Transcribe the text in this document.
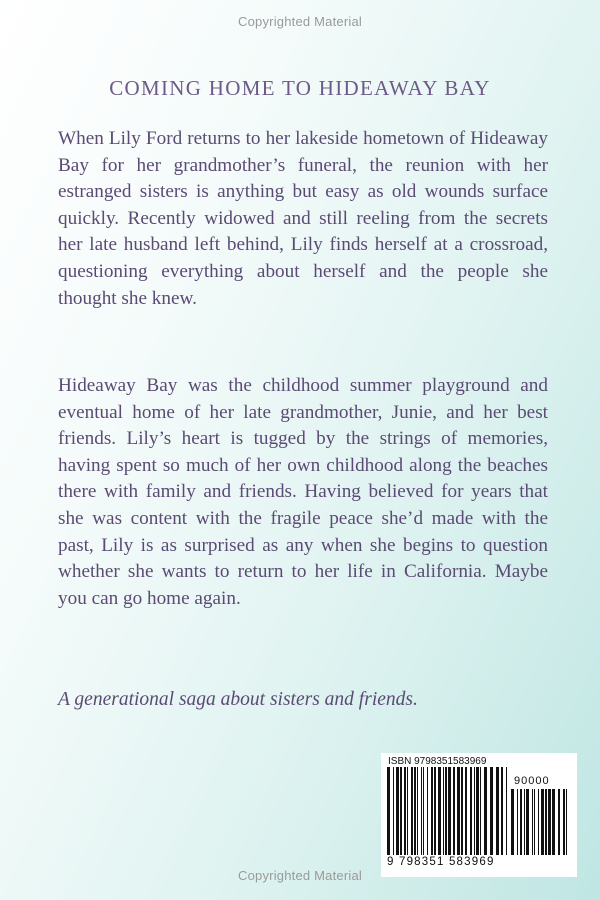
Copyrighted Material
COMING HOME TO HIDEAWAY BAY

When Lily Ford returns to her lakeside hometown of Hideaway Bay for her grandmother’s funeral, the reunion with her estranged sisters is anything but easy as old wounds surface quickly. Recently widowed and still reeling from the secrets her late husband left behind, Lily finds herself at a crossroad, questioning everything about herself and the people she thought she knew.

Hideaway Bay was the childhood summer playground and eventual home of her late grandmother, Junie, and her best friends. Lily’s heart is tugged by the strings of memories, having spent so much of her own childhood along the beaches there with family and friends. Having believed for years that she was content with the fragile peace she’d made with the past, Lily is as surprised as any when she begins to question whether she wants to return to her life in California. Maybe you can go home again.

A generational saga about sisters and friends.

ISBN 9798351583969
90000
9 798351 583969
Copyrighted Material
